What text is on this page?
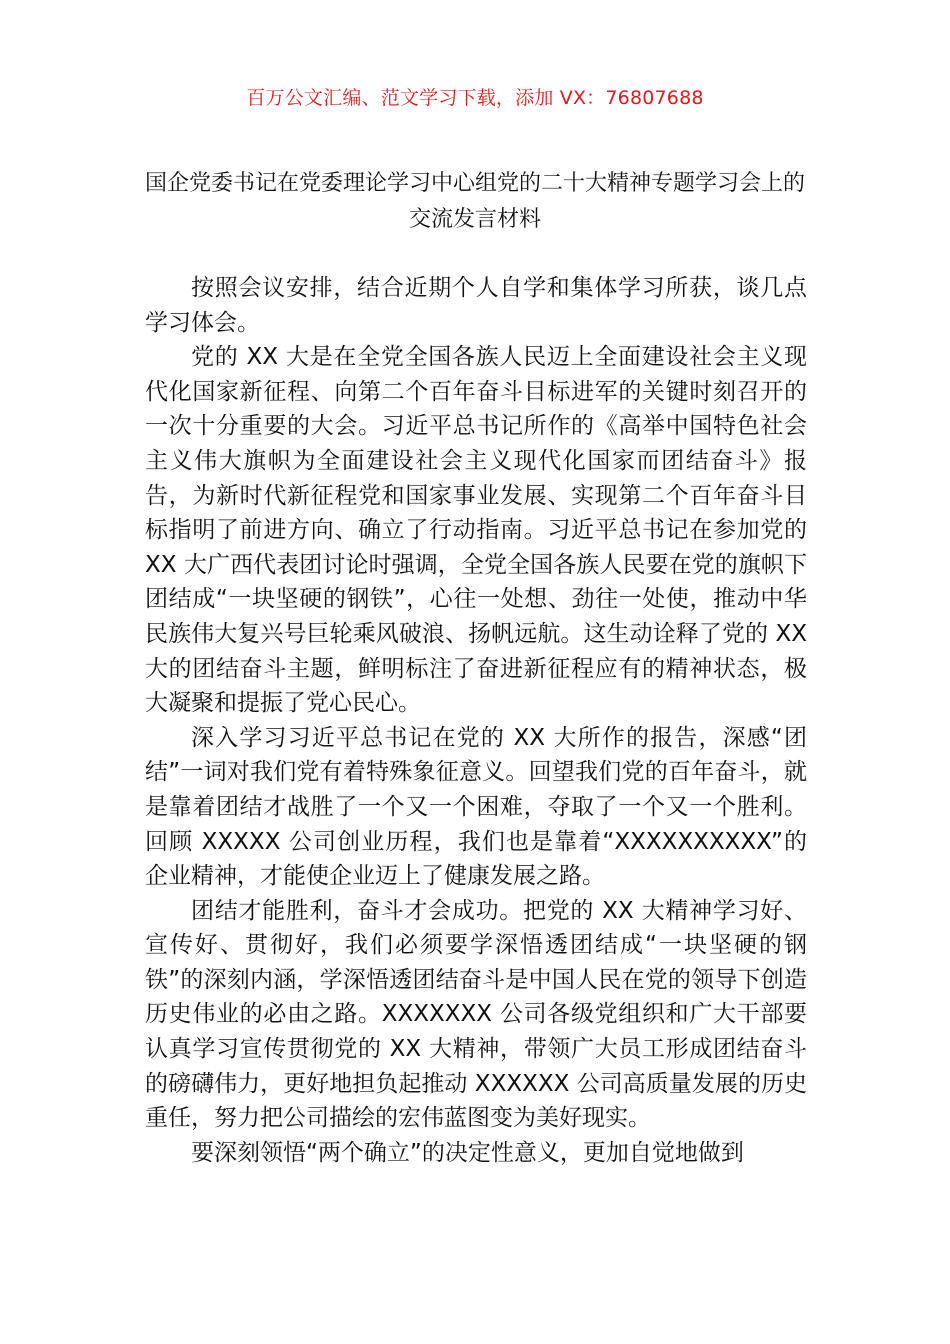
百万公文汇编、范文学习下载，添加 VX：76807688
国企党委书记在党委理论学习中心组党的二十大精神专题学习会上的交流发言材料

按照会议安排，结合近期个人自学和集体学习所获，谈几点学习体会。

党的 XX 大是在全党全国各族人民迈上全面建设社会主义现代化国家新征程、向第二个百年奋斗目标进军的关键时刻召开的一次十分重要的大会。习近平总书记所作的《高举中国特色社会主义伟大旗帜为全面建设社会主义现代化国家而团结奋斗》报告，为新时代新征程党和国家事业发展、实现第二个百年奋斗目标指明了前进方向、确立了行动指南。习近平总书记在参加党的 XX 大广西代表团讨论时强调，全党全国各族人民要在党的旗帜下团结成“一块坚硬的钢铁”，心往一处想、劲往一处使，推动中华民族伟大复兴号巨轮乘风破浪、扬帆远航。这生动诠释了党的 XX 大的团结奋斗主题，鲜明标注了奋进新征程应有的精神状态，极大凝聚和提振了党心民心。

深入学习习近平总书记在党的 XX 大所作的报告，深感“团结”一词对我们党有着特殊象征意义。回望我们党的百年奋斗，就是靠着团结才战胜了一个又一个困难，夺取了一个又一个胜利。回顾 XXXXX 公司创业历程，我们也是靠着“XXXXXXXXXX”的企业精神，才能使企业迈上了健康发展之路。

团结才能胜利，奋斗才会成功。把党的 XX 大精神学习好、宣传好、贯彻好，我们必须要学深悟透团结成“一块坚硬的钢铁”的深刻内涵，学深悟透团结奋斗是中国人民在党的领导下创造历史伟业的必由之路。XXXXXXX 公司各级党组织和广大干部要认真学习宣传贯彻党的 XX 大精神，带领广大员工形成团结奋斗的磅礴伟力，更好地担负起推动 XXXXXX 公司高质量发展的历史重任，努力把公司描绘的宏伟蓝图变为美好现实。

要深刻领悟“两个确立”的决定性意义，更加自觉地做到
